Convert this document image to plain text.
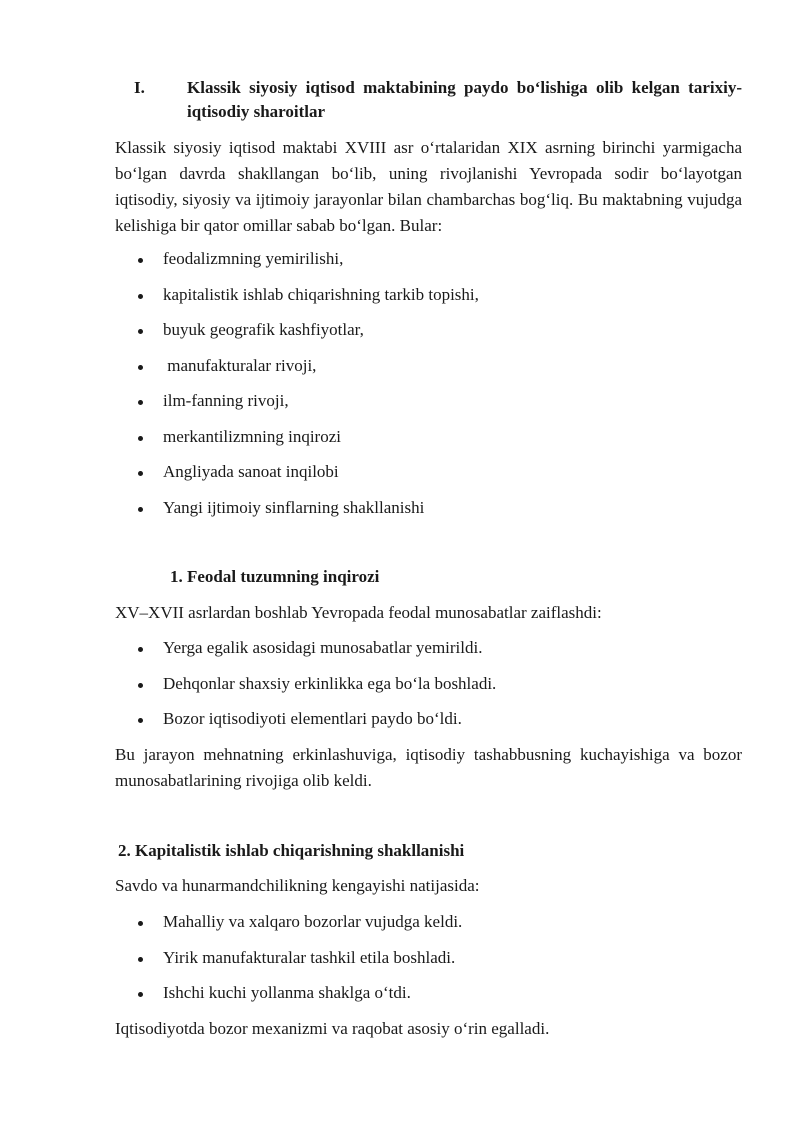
I. Klassik siyosiy iqtisod maktabining paydo bo‘lishiga olib kelgan tarixiy-iqtisodiy sharoitlar

Klassik siyosiy iqtisod maktabi XVIII asr o‘rtalaridan XIX asrning birinchi yarmigacha bo‘lgan davrda shakllangan bo‘lib, uning rivojlanishi Yevropada sodir bo‘layotgan iqtisodiy, siyosiy va ijtimoiy jarayonlar bilan chambarchas bog‘liq. Bu maktabning vujudga kelishiga bir qator omillar sabab bo‘lgan. Bular:

feodalizmning yemirilishi,
kapitalistik ishlab chiqarishning tarkib topishi,
buyuk geografik kashfiyotlar,
manufakturalar rivoji,
ilm-fanning rivoji,
merkantilizmning inqirozi
Angliyada sanoat inqilobi
Yangi ijtimoiy sinflarning shakllanishi
1. Feodal tuzumning inqirozi

XV–XVII asrlardan boshlab Yevropada feodal munosabatlar zaiflashdi:

Yerga egalik asosidagi munosabatlar yemirildi.
Dehqonlar shaxsiy erkinlikka ega bo‘la boshladi.
Bozor iqtisodiyoti elementlari paydo bo‘ldi.

Bu jarayon mehnatning erkinlashuviga, iqtisodiy tashabbusning kuchayishiga va bozor munosabatlarining rivojiga olib keldi.

2. Kapitalistik ishlab chiqarishning shakllanishi

Savdo va hunarmandchilikning kengayishi natijasida:

Mahalliy va xalqaro bozorlar vujudga keldi.
Yirik manufakturalar tashkil etila boshladi.
Ishchi kuchi yollanma shaklga o‘tdi.

Iqtisodiyotda bozor mexanizmi va raqobat asosiy o‘rin egalladi.
